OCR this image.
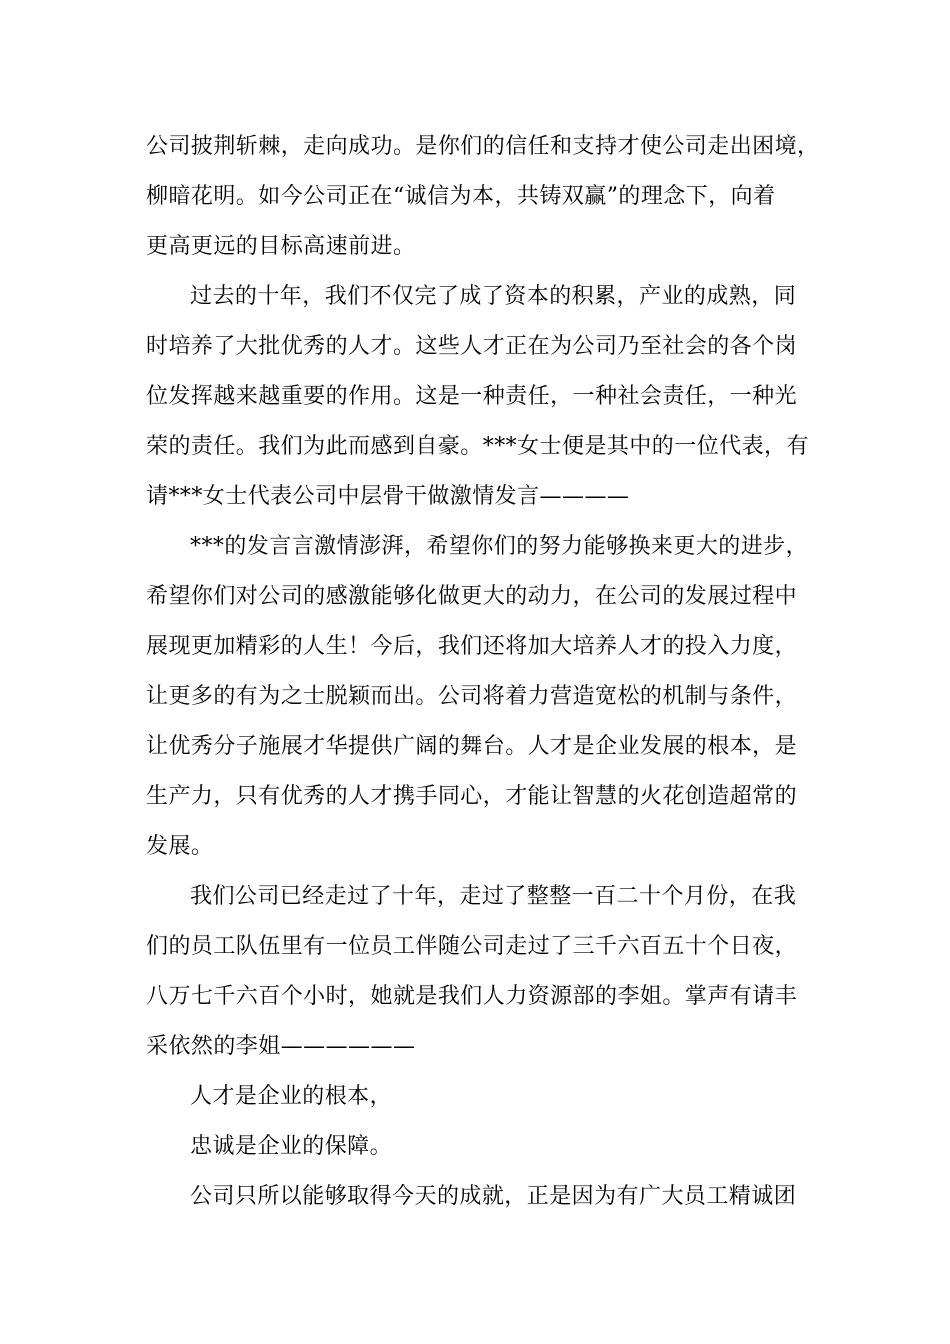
公司披荆斩棘，走向成功。是你们的信任和支持才使公司走出困境，
柳暗花明。如今公司正在“诚信为本，共铸双赢”的理念下，向着
更高更远的目标高速前进。
过去的十年，我们不仅完了成了资本的积累，产业的成熟，同
时培养了大批优秀的人才。这些人才正在为公司乃至社会的各个岗
位发挥越来越重要的作用。这是一种责任，一种社会责任，一种光
荣的责任。我们为此而感到自豪。***女士便是其中的一位代表，有
请***女士代表公司中层骨干做激情发言————
***的发言言激情澎湃，希望你们的努力能够换来更大的进步，
希望你们对公司的感激能够化做更大的动力，在公司的发展过程中
展现更加精彩的人生！今后，我们还将加大培养人才的投入力度，
让更多的有为之士脱颖而出。公司将着力营造宽松的机制与条件，
让优秀分子施展才华提供广阔的舞台。人才是企业发展的根本，是
生产力，只有优秀的人才携手同心，才能让智慧的火花创造超常的
发展。
我们公司已经走过了十年，走过了整整一百二十个月份，在我
们的员工队伍里有一位员工伴随公司走过了三千六百五十个日夜，
八万七千六百个小时，她就是我们人力资源部的李姐。掌声有请丰
采依然的李姐——————
人才是企业的根本，
忠诚是企业的保障。
公司只所以能够取得今天的成就，正是因为有广大员工精诚团
